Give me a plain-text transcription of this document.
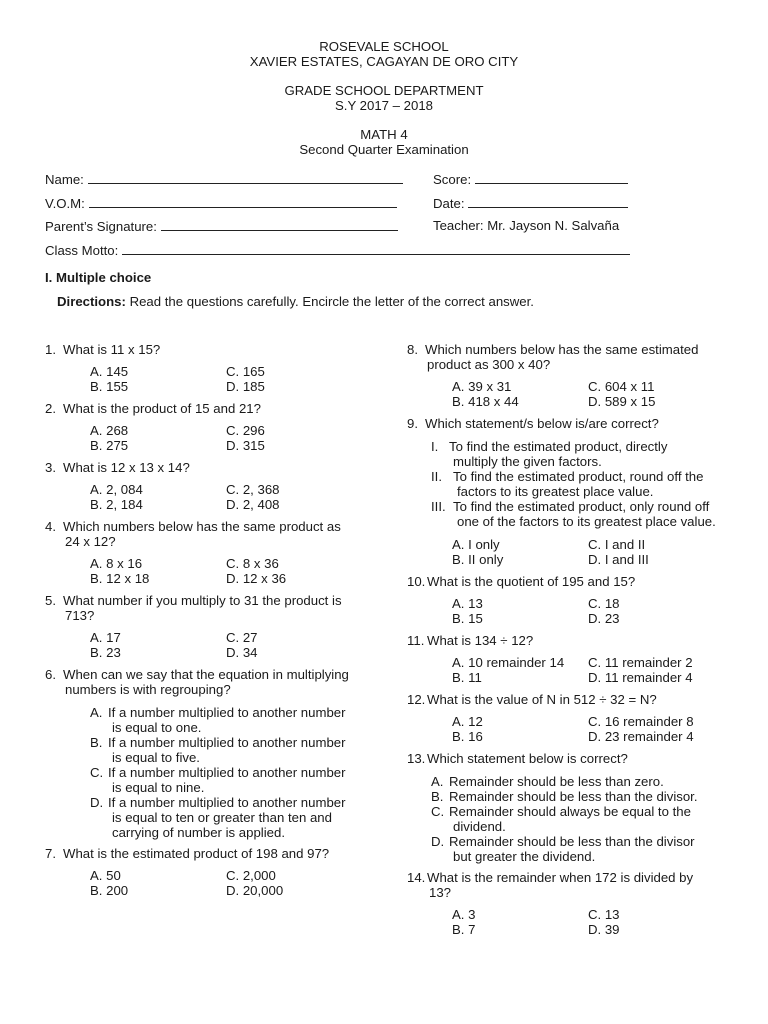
ROSEVALE SCHOOL
XAVIER ESTATES, CAGAYAN DE ORO CITY
GRADE SCHOOL DEPARTMENT
S.Y 2017 – 2018
MATH 4
Second Quarter Examination
Name:	Score:
V.O.M:	Date:
Parent’s Signature:	Teacher: Mr. Jayson N. Salvaña
Class Motto:
I. Multiple choice
Directions: Read the questions carefully. Encircle the letter of the correct answer.
1. What is 11 x 15?
A. 145	C. 165
B. 155	D. 185
2. What is the product of 15 and 21?
A. 268	C. 296
B. 275	D. 315
3. What is 12 x 13 x 14?
A. 2, 084	C. 2, 368
B. 2, 184	D. 2, 408
4. Which numbers below has the same product as
24 x 12?
A. 8 x 16	C. 8 x 36
B. 12 x 18	D. 12 x 36
5. What number if you multiply to 31 the product is
713?
A. 17	C. 27
B. 23	D. 34
6. When can we say that the equation in multiplying
numbers is with regrouping?
A. If a number multiplied to another number
is equal to one.
B. If a number multiplied to another number
is equal to five.
C. If a number multiplied to another number
is equal to nine.
D. If a number multiplied to another number
is equal to ten or greater than ten and
carrying of number is applied.
7. What is the estimated product of 198 and 97?
A. 50	C. 2,000
B. 200	D. 20,000
8. Which numbers below has the same estimated
product as 300 x 40?
A. 39 x 31	C. 604 x 11
B. 418 x 44	D. 589 x 15
9. Which statement/s below is/are correct?
I. To find the estimated product, directly
multiply the given factors.
II. To find the estimated product, round off the
factors to its greatest place value.
III. To find the estimated product, only round off
one of the factors to its greatest place value.
A. I only	C. I and II
B. II only	D. I and III
10. What is the quotient of 195 and 15?
A. 13	C. 18
B. 15	D. 23
11. What is 134 ÷ 12?
A. 10 remainder 14	C. 11 remainder 2
B. 11	D. 11 remainder 4
12. What is the value of N in 512 ÷ 32 = N?
A. 12	C. 16 remainder 8
B. 16	D. 23 remainder 4
13. Which statement below is correct?
A. Remainder should be less than zero.
B. Remainder should be less than the divisor.
C. Remainder should always be equal to the
dividend.
D. Remainder should be less than the divisor
but greater the dividend.
14. What is the remainder when 172 is divided by
13?
A. 3	C. 13
B. 7	D. 39
